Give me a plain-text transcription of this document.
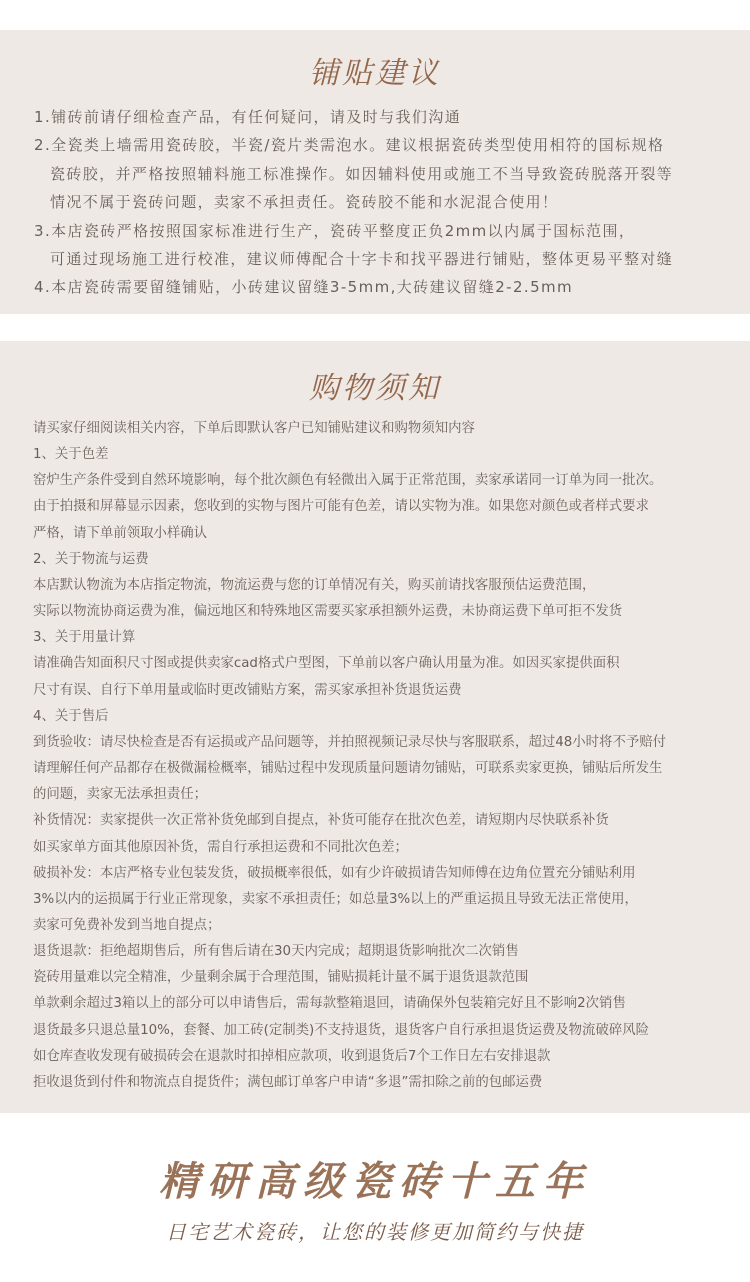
铺贴建议
1.铺砖前请仔细检查产品，有任何疑问，请及时与我们沟通
2.全瓷类上墙需用瓷砖胶，半瓷/瓷片类需泡水。建议根据瓷砖类型使用相符的国标规格
瓷砖胶，并严格按照辅料施工标准操作。如因辅料使用或施工不当导致瓷砖脱落开裂等
情况不属于瓷砖问题，卖家不承担责任。瓷砖胶不能和水泥混合使用！
3.本店瓷砖严格按照国家标准进行生产，瓷砖平整度正负2mm以内属于国标范围，
可通过现场施工进行校准，建议师傅配合十字卡和找平器进行铺贴，整体更易平整对缝
4.本店瓷砖需要留缝铺贴，小砖建议留缝3-5mm,大砖建议留缝2-2.5mm
购物须知
请买家仔细阅读相关内容，下单后即默认客户已知铺贴建议和购物须知内容
1、关于色差
窑炉生产条件受到自然环境影响，每个批次颜色有轻微出入属于正常范围，卖家承诺同一订单为同一批次。
由于拍摄和屏幕显示因素，您收到的实物与图片可能有色差，请以实物为准。如果您对颜色或者样式要求
严格，请下单前领取小样确认
2、关于物流与运费
本店默认物流为本店指定物流，物流运费与您的订单情况有关，购买前请找客服预估运费范围，
实际以物流协商运费为准，偏远地区和特殊地区需要买家承担额外运费，未协商运费下单可拒不发货
3、关于用量计算
请准确告知面积尺寸图或提供卖家cad格式户型图，下单前以客户确认用量为准。如因买家提供面积
尺寸有误、自行下单用量或临时更改铺贴方案，需买家承担补货退货运费
4、关于售后
到货验收：请尽快检查是否有运损或产品问题等，并拍照视频记录尽快与客服联系，超过48小时将不予赔付
请理解任何产品都存在极微漏检概率，铺贴过程中发现质量问题请勿铺贴，可联系卖家更换，铺贴后所发生
的问题，卖家无法承担责任；
补货情况：卖家提供一次正常补货免邮到自提点，补货可能存在批次色差，请短期内尽快联系补货
如买家单方面其他原因补货，需自行承担运费和不同批次色差；
破损补发：本店严格专业包装发货，破损概率很低，如有少许破损请告知师傅在边角位置充分铺贴利用
3%以内的运损属于行业正常现象，卖家不承担责任；如总量3%以上的严重运损且导致无法正常使用，
卖家可免费补发到当地自提点；
退货退款：拒绝超期售后，所有售后请在30天内完成；超期退货影响批次二次销售
瓷砖用量难以完全精准，少量剩余属于合理范围，铺贴损耗计量不属于退货退款范围
单款剩余超过3箱以上的部分可以申请售后，需每款整箱退回，请确保外包装箱完好且不影响2次销售
退货最多只退总量10%，套餐、加工砖(定制类)不支持退货，退货客户自行承担退货运费及物流破碎风险
如仓库查收发现有破损砖会在退款时扣掉相应款项，收到退货后7个工作日左右安排退款
拒收退货到付件和物流点自提货件；满包邮订单客户申请“多退”需扣除之前的包邮运费
精研高级瓷砖十五年
日宅艺术瓷砖，让您的装修更加简约与快捷
